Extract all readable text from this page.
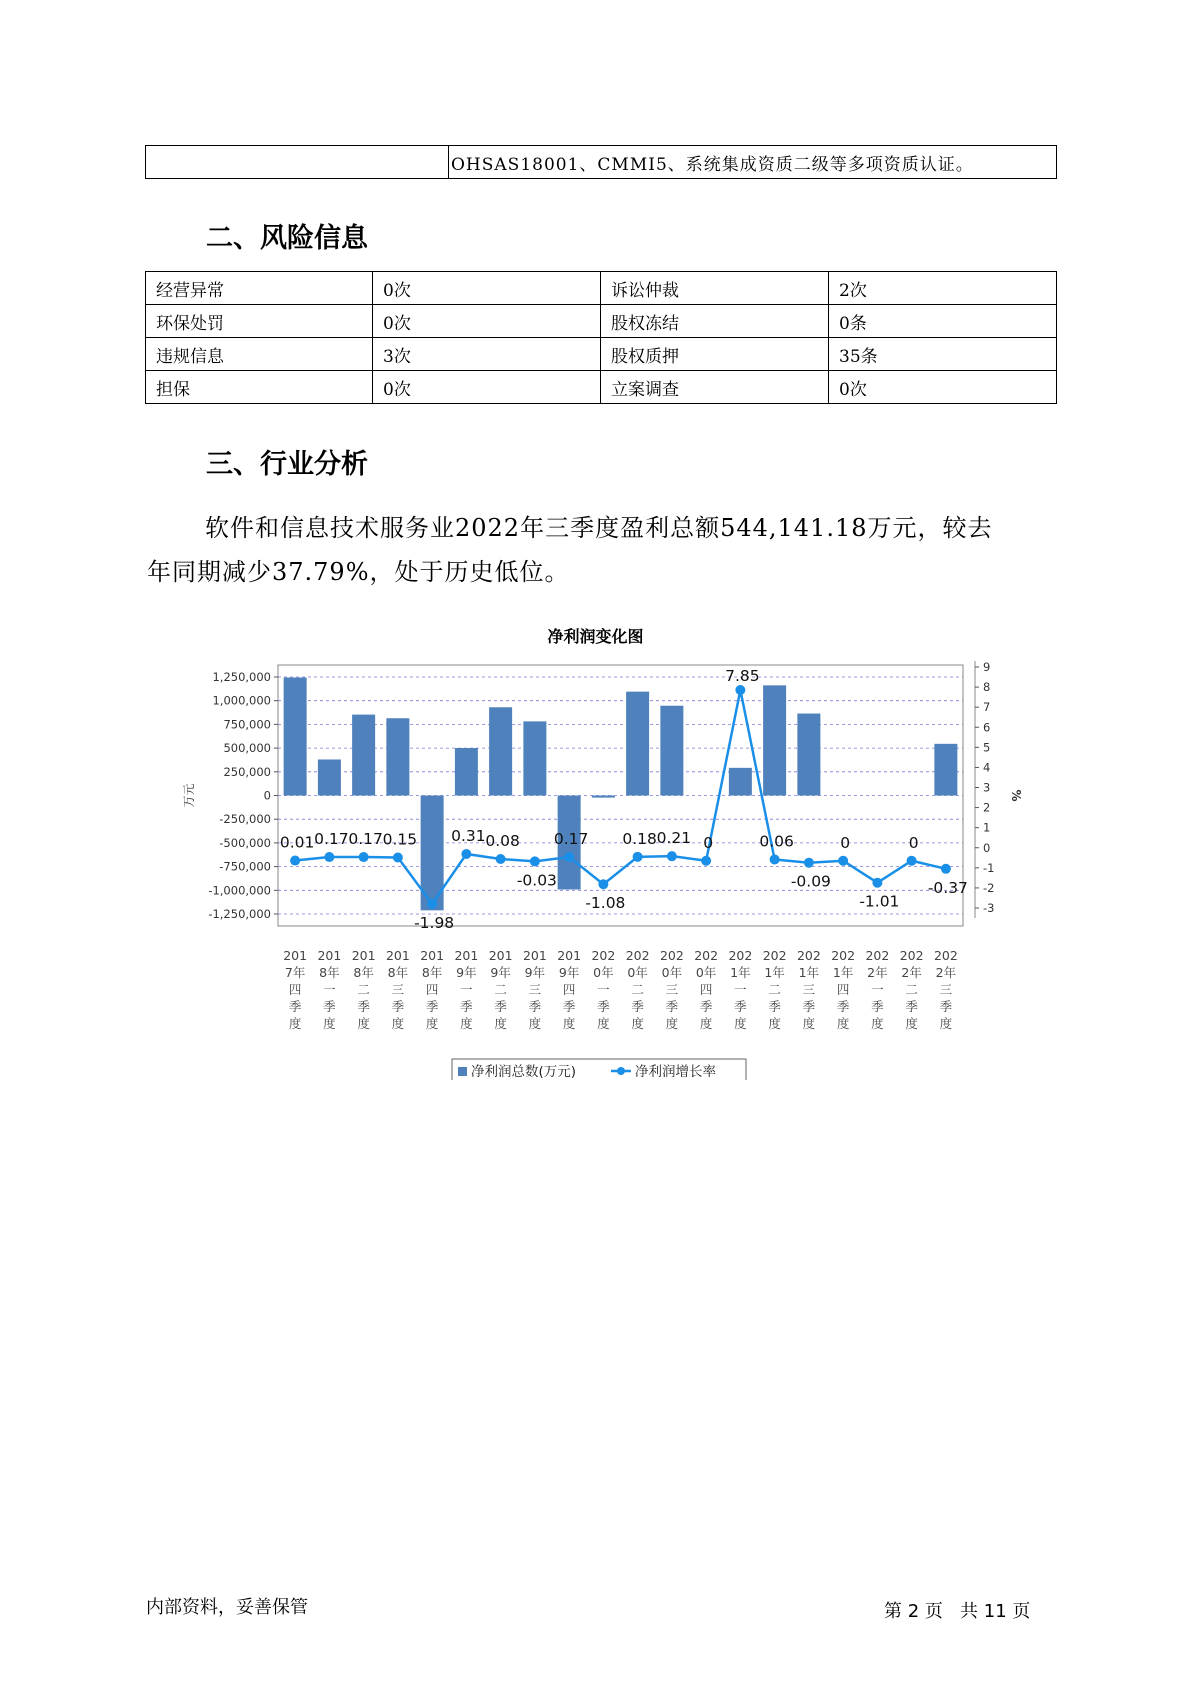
	OHSAS18001、CMMI5、系统集成资质二级等多项资质认证。
二、风险信息
经营异常	0次	诉讼仲裁	2次
环保处罚	0次	股权冻结	0条
违规信息	3次	股权质押	35条
担保	0次	立案调查	0次
三、行业分析
软件和信息技术服务业2022年三季度盈利总额544,141.18万元，较去
年同期减少37.79%，处于历史低位。
净利润变化图
1,250,000
1,000,000
750,000
500,000
250,000
0
-250,000
-500,000
-750,000
-1,000,000
-1,250,000
9
8
7
6
5
4
3
2
1
0
-1
-2
-3
万元	%
0.01 0.17 0.17 0.15
-1.98
0.31 0.08
-0.03
0.17
-1.08
0.18 0.21 0
7.85
0.06
-0.09
0
-1.01
0
-0.37
201
7年
四
季
度
201
8年
一
季
度
201
8年
二
季
度
201
8年
三
季
度
201
8年
四
季
度
201
9年
一
季
度
201
9年
二
季
度
201
9年
三
季
度
201
9年
四
季
度
202
0年
一
季
度
202
0年
二
季
度
202
0年
三
季
度
202
0年
四
季
度
202
1年
一
季
度
202
1年
二
季
度
202
1年
三
季
度
202
1年
四
季
度
202
2年
一
季
度
202
2年
二
季
度
202
2年
三
季
度
净利润总数(万元)	净利润增长率
内部资料，妥善保管	第 2 页   共 11 页
